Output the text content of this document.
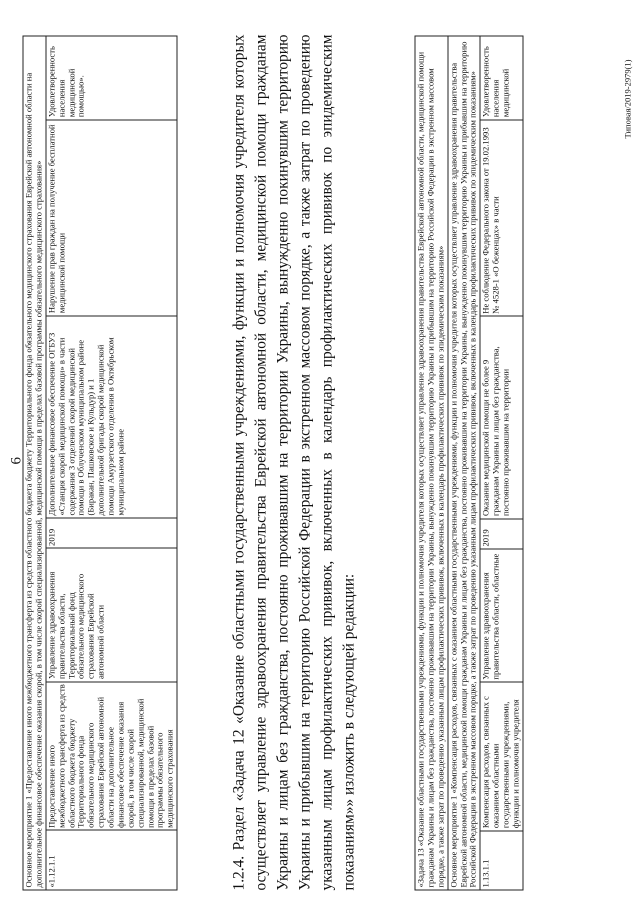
6 Основное мероприятие 1 «Предоставление иного межбюджетного трансферта из средств областного бюджета бюджету Территориального фонда обязательного медицинского страхования Еврейской автономной области на дополнительное финансовое обеспечение оказания скорой, в том числе скорой специализированной, медицинской помощи в пределах базовой программы обязательного медицинского страхования»
«1.12.1.1	Предоставление иного межбюджетного трансферта из средств областного бюджета бюджету Территориального фонда обязательного медицинского страхования Еврейской автономной области на дополнительное финансовое обеспечение оказания скорой, в том числе скорой специализированной, медицинской помощи в пределах базовой программы обязательного медицинского страхования	Управление здравоохранения правительства области, Территориальный фонд обязательного медицинского страхования Еврейской автономной области	2019	Дополнительное финансовое обеспечение ОГБУЗ «Станция скорой медицинской помощи» в части содержания 3 отделений скорой медицинской помощи в Облученском муниципальном районе (Биракан, Пашковское и Кульдур) и 1 дополнительной бригады скорой медицинской помощи Амурзетского отделения в Октябрьском муниципальном районе	Нарушение прав граждан на получение бесплатной медицинской помощи	Удовлетворенность населения медицинской помощью».	1.2.4. Раздел «Задача 12 «Оказание областными государственными учреждениями, функции и полномочия учредителя которых осуществляет управление здравоохранения правительства Еврейской автономной области, медицинской помощи гражданам Украины и лицам без гражданства, постоянно проживавшим на территории Украины, вынужденно покинувшим территорию Украины и прибывшим на территорию Российской Федерации в экстренном массовом порядке, а также затрат по проведению указанным лицам профилактических прививок, включенных в календарь профилактических прививок по эпидемическим показаниям»» изложить в следующей редакции:	«Задача 13 «Оказание областными государственными учреждениями, функции и полномочия учредителя которых осуществляет управление здравоохранения правительства Еврейской автономной области, медицинской помощи гражданам Украины и лицам без гражданства, постоянно проживавшим на территории Украины, вынужденно покинувшим территорию Украины и прибывшим на территорию Российской Федерации в экстренном массовом порядке, а также затрат по проведению указанным лицам профилактических прививок, включенных в календарь профилактических прививок по эпидемическим показаниям»
Основное мероприятие 1 «Компенсация расходов, связанных с оказанием областными государственными учреждениями, функции и полномочия учредителя которых осуществляет управление здравоохранения правительства Еврейской автономной области, медицинской помощи гражданам Украины и лицам без гражданства, постоянно проживавшим на территории Украины, вынужденно покинувшим территорию Украины и прибывшим на территорию Российской Федерации в экстренном массовом порядке, а также затрат по проведению указанным лицам профилактических прививок, включенных в календарь профилактических прививок по эпидемическим показаниям»
1.13.1.1	Компенсация расходов, связанных с оказанием областными государственными учреждениями, функции и полномочия учредителя	Управление здравоохранения правительства области, областные	2019	Оказание медицинской помощи не более 9 гражданам Украины и лицам без гражданства, постоянно проживавшим на территории	Не соблюдение Федерального закона от 19.02.1993 № 4528-1 «О беженцах» в части	Удовлетворенность населения медицинской	Типовая/2019-2979(1)
